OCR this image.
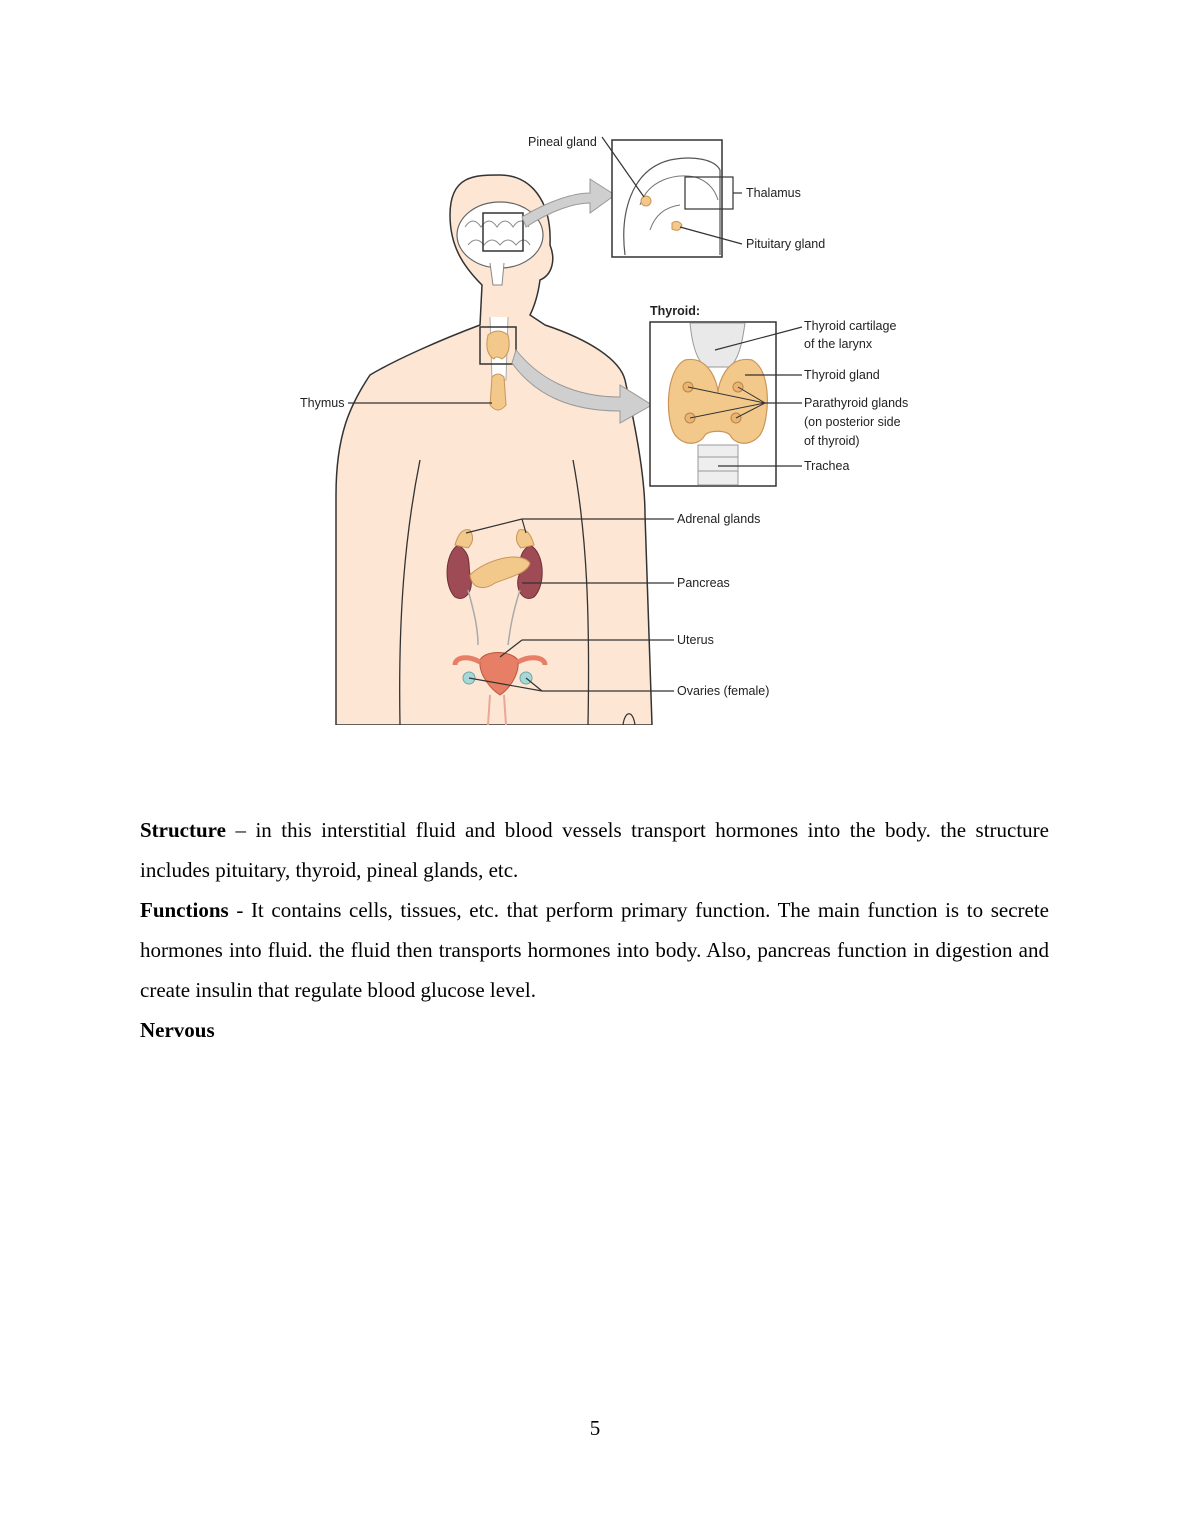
Pineal gland
Thalamus
Pituitary gland
Thymus
Thyroid:
Thyroid cartilage
of the larynx
Thyroid gland
Parathyroid glands
(on posterior side
of thyroid)
Trachea
Adrenal glands
Pancreas
Uterus
Ovaries (female)

Structure – in this interstitial fluid and blood vessels transport hormones into the body. the structure includes pituitary, thyroid, pineal glands, etc.

Functions - It contains cells, tissues, etc. that perform primary function. The main function is to secrete hormones into fluid. the fluid then transports hormones into body. Also, pancreas function in digestion and create insulin that regulate blood glucose level.

Nervous

5
